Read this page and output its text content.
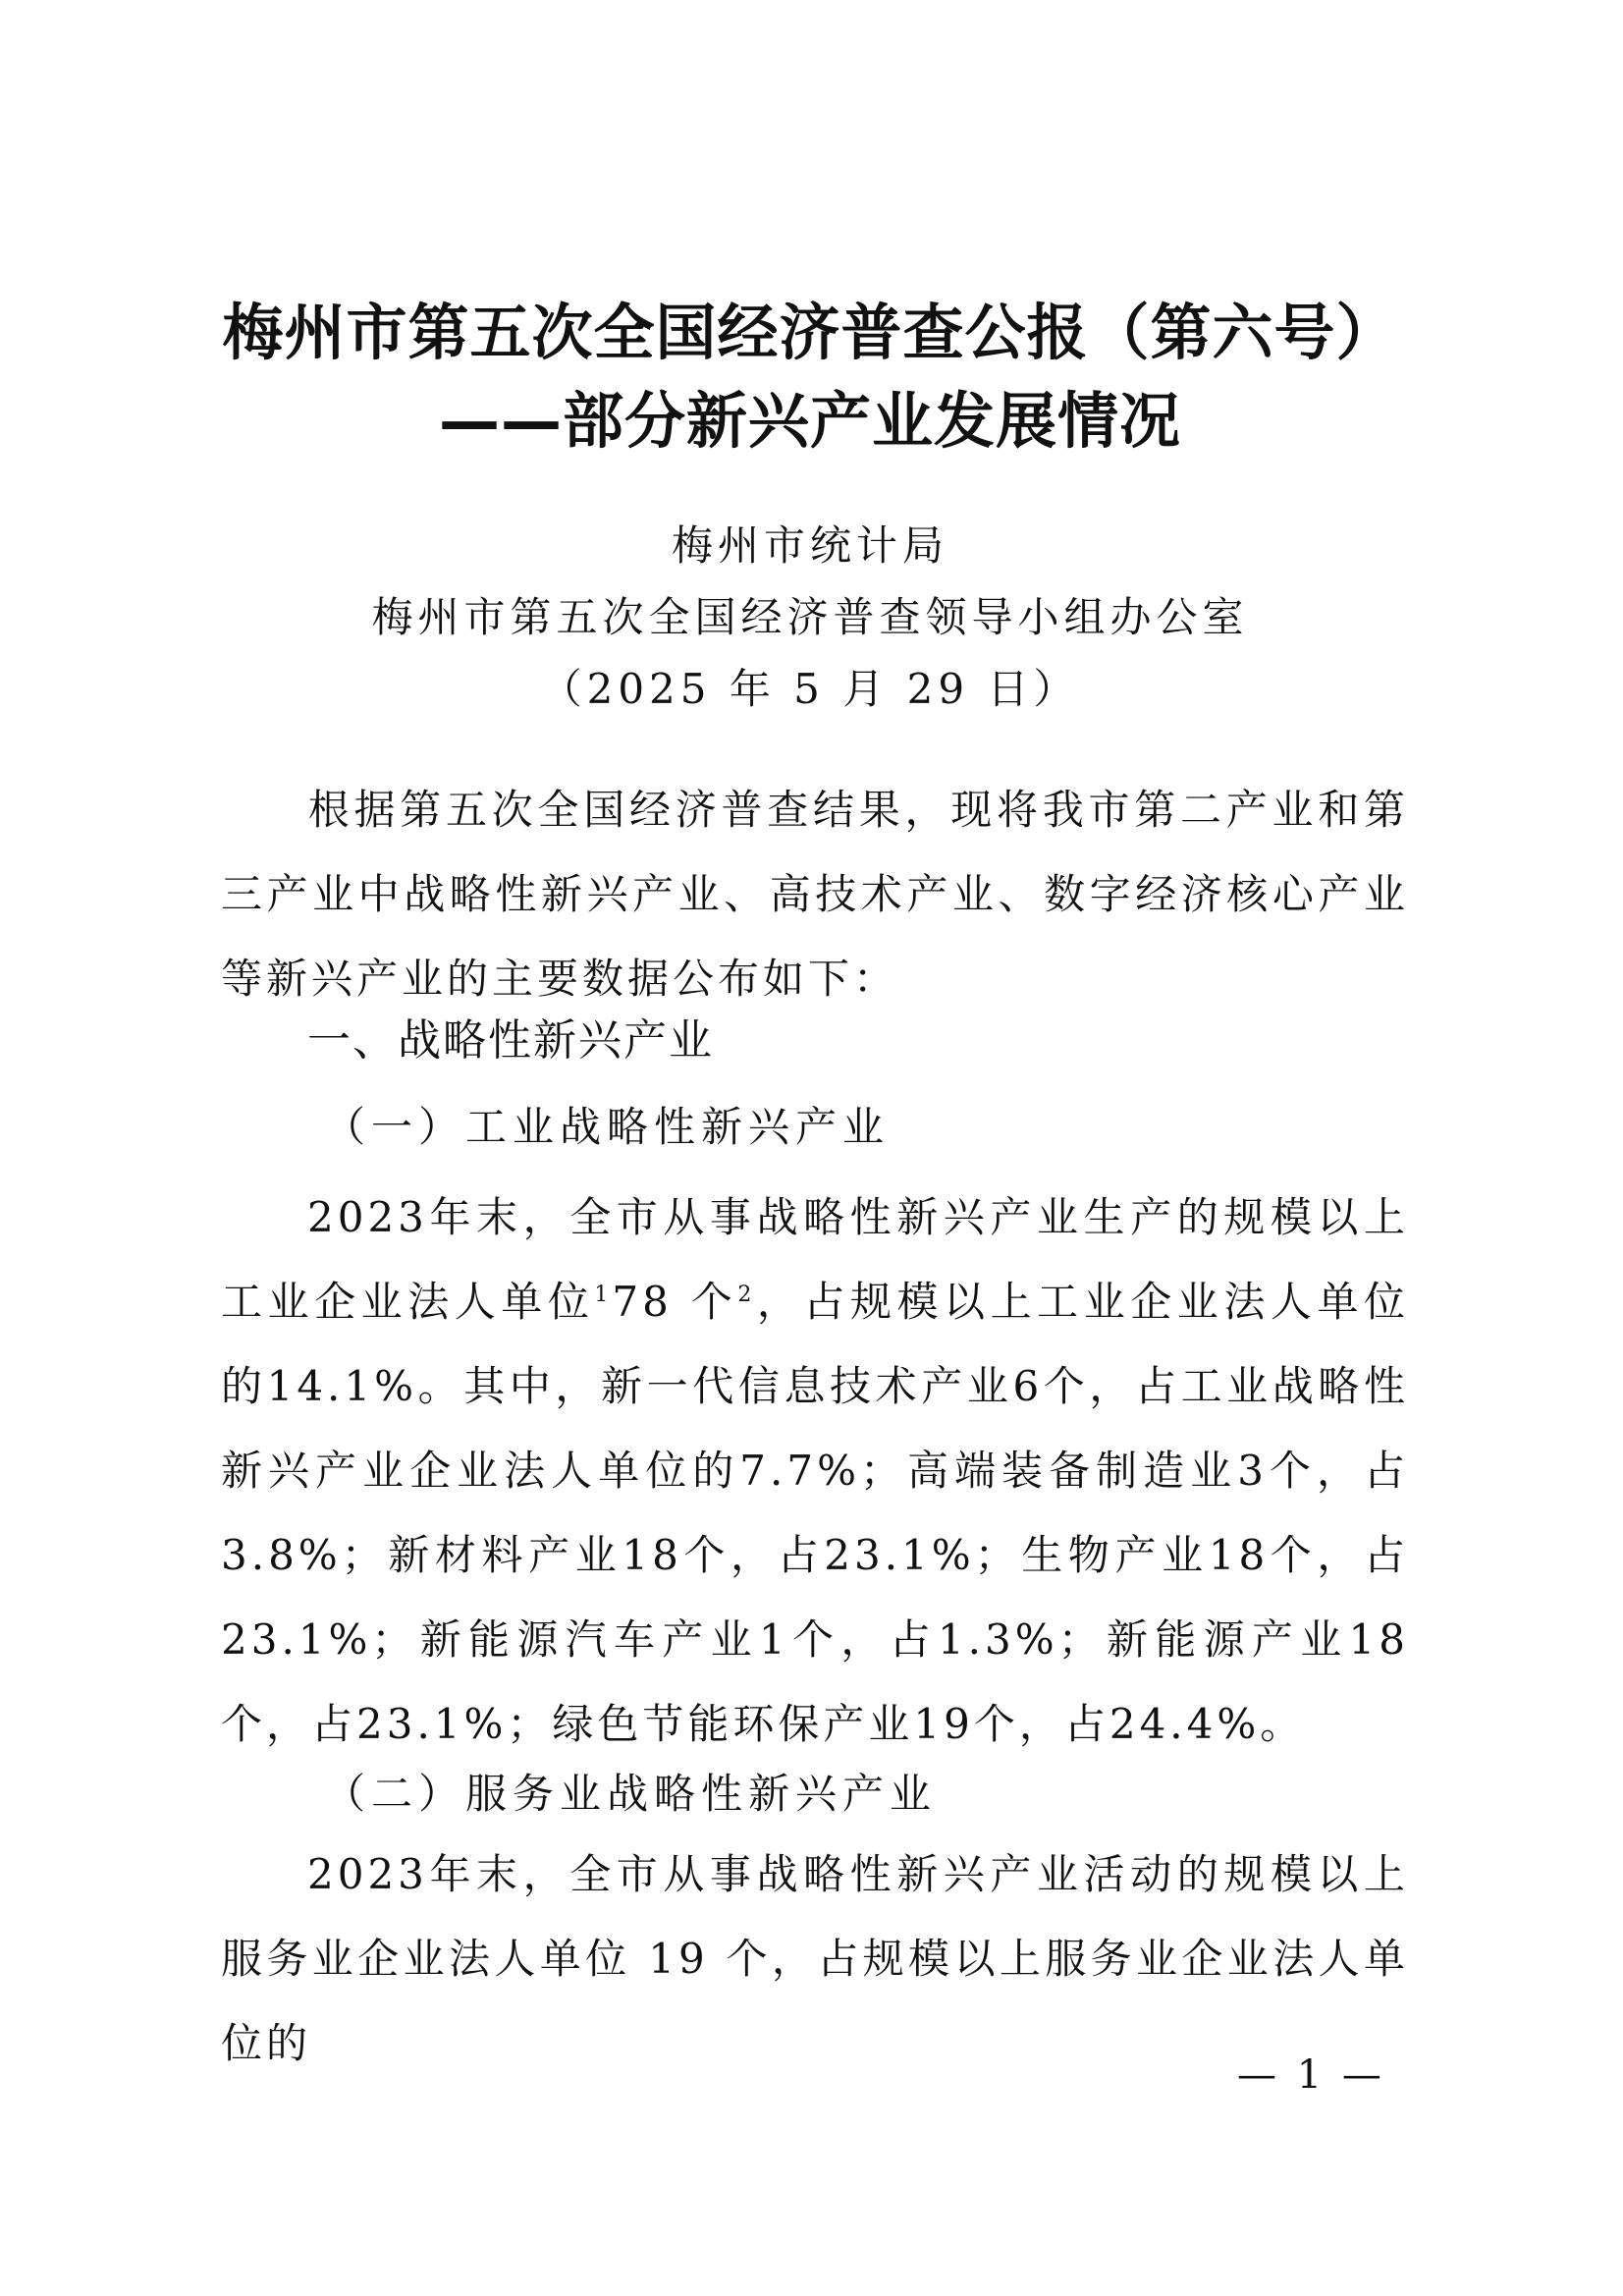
梅州市第五次全国经济普查公报（第六号）
——部分新兴产业发展情况
梅州市统计局
梅州市第五次全国经济普查领导小组办公室
（2025 年 5 月 29 日）
根据第五次全国经济普查结果，现将我市第二产业和第三产业中战略性新兴产业、高技术产业、数字经济核心产业等新兴产业的主要数据公布如下：
一、战略性新兴产业
（一）工业战略性新兴产业
2023年末，全市从事战略性新兴产业生产的规模以上工业企业法人单位$^1$78 个$^2$，占规模以上工业企业法人单位的14.1%。其中，新一代信息技术产业6个，占工业战略性新兴产业企业法人单位的7.7%；高端装备制造业3个，占3.8%；新材料产业18个，占23.1%；生物产业18个，占23.1%；新能源汽车产业1个，占1.3%；新能源产业18个，占23.1%；绿色节能环保产业19个，占24.4%。
（二）服务业战略性新兴产业
2023年末，全市从事战略性新兴产业活动的规模以上服务业企业法人单位 19 个，占规模以上服务业企业法人单位的
— 1 —
